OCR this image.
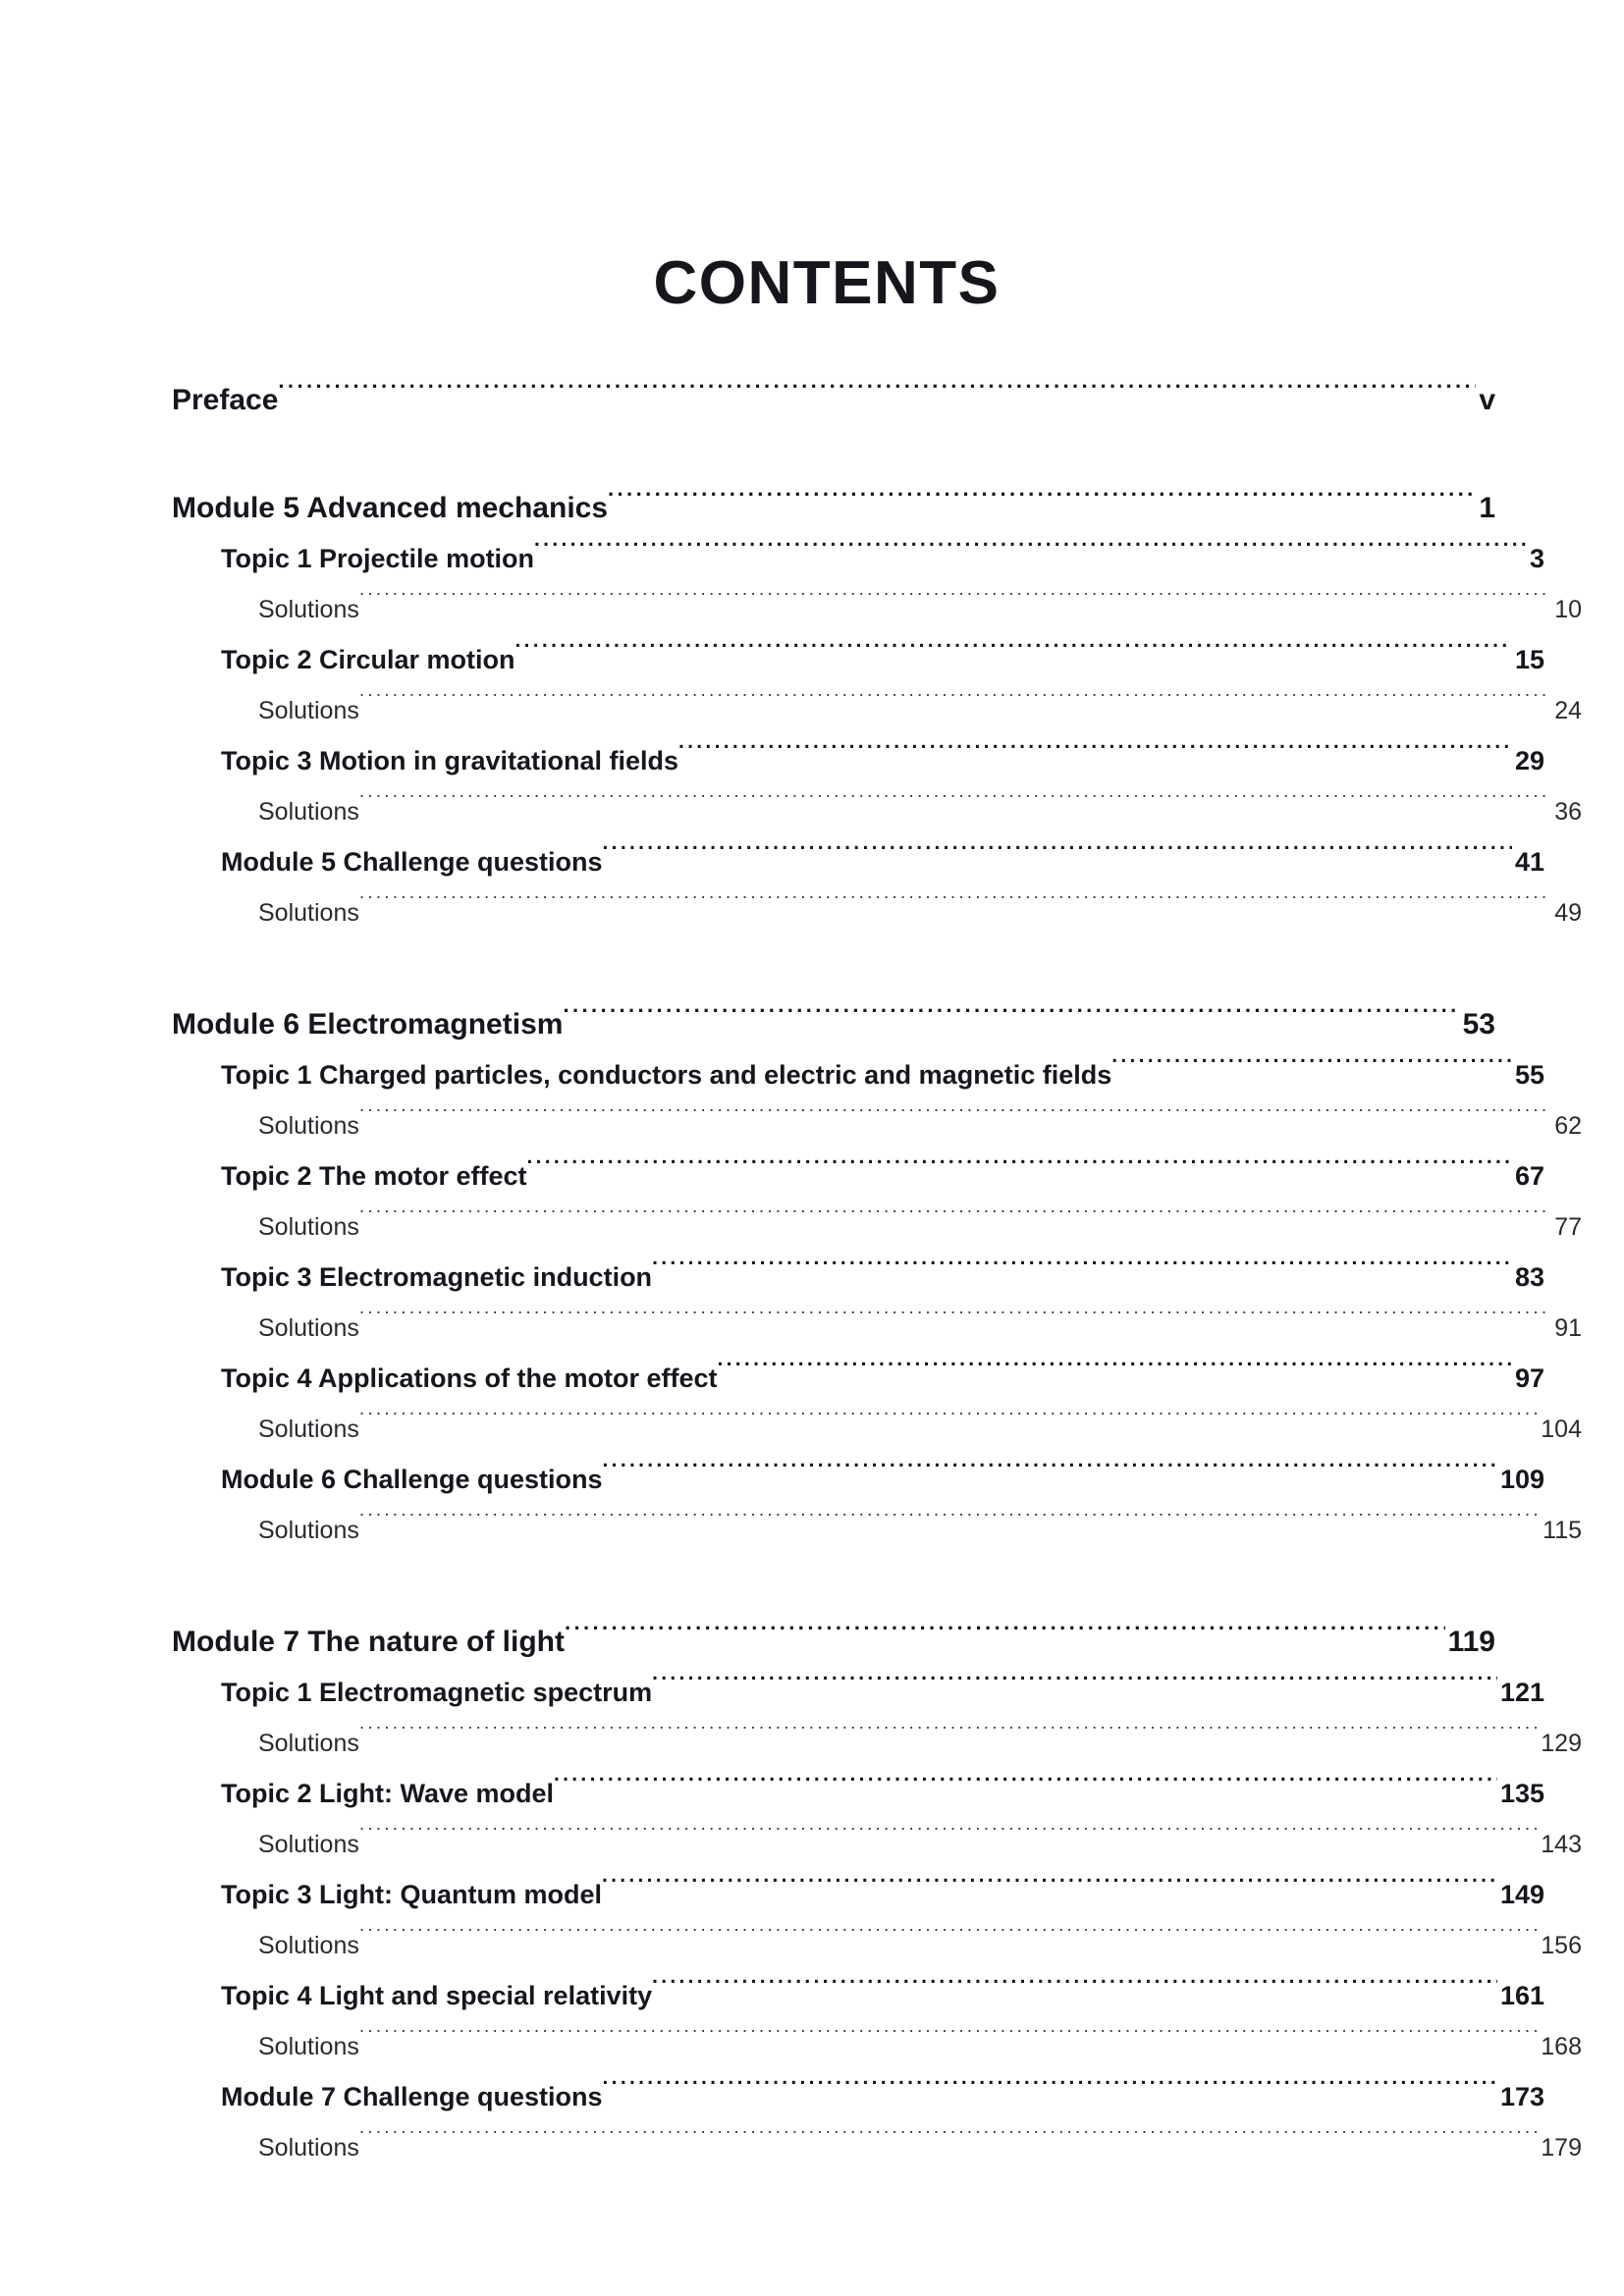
CONTENTS
Preface .....	v
Module 5 Advanced mechanics .....	1
Topic 1 Projectile motion .....	3
Solutions .....	10
Topic 2 Circular motion .....	15
Solutions .....	24
Topic 3 Motion in gravitational fields .....	29
Solutions .....	36
Module 5 Challenge questions .....	41
Solutions .....	49
Module 6 Electromagnetism .....	53
Topic 1 Charged particles, conductors and electric and magnetic fields .....	55
Solutions .....	62
Topic 2 The motor effect .....	67
Solutions .....	77
Topic 3 Electromagnetic induction .....	83
Solutions .....	91
Topic 4 Applications of the motor effect .....	97
Solutions .....	104
Module 6 Challenge questions .....	109
Solutions .....	115
Module 7 The nature of light .....	119
Topic 1 Electromagnetic spectrum .....	121
Solutions .....	129
Topic 2 Light: Wave model .....	135
Solutions .....	143
Topic 3 Light: Quantum model .....	149
Solutions .....	156
Topic 4 Light and special relativity .....	161
Solutions .....	168
Module 7 Challenge questions .....	173
Solutions .....	179
